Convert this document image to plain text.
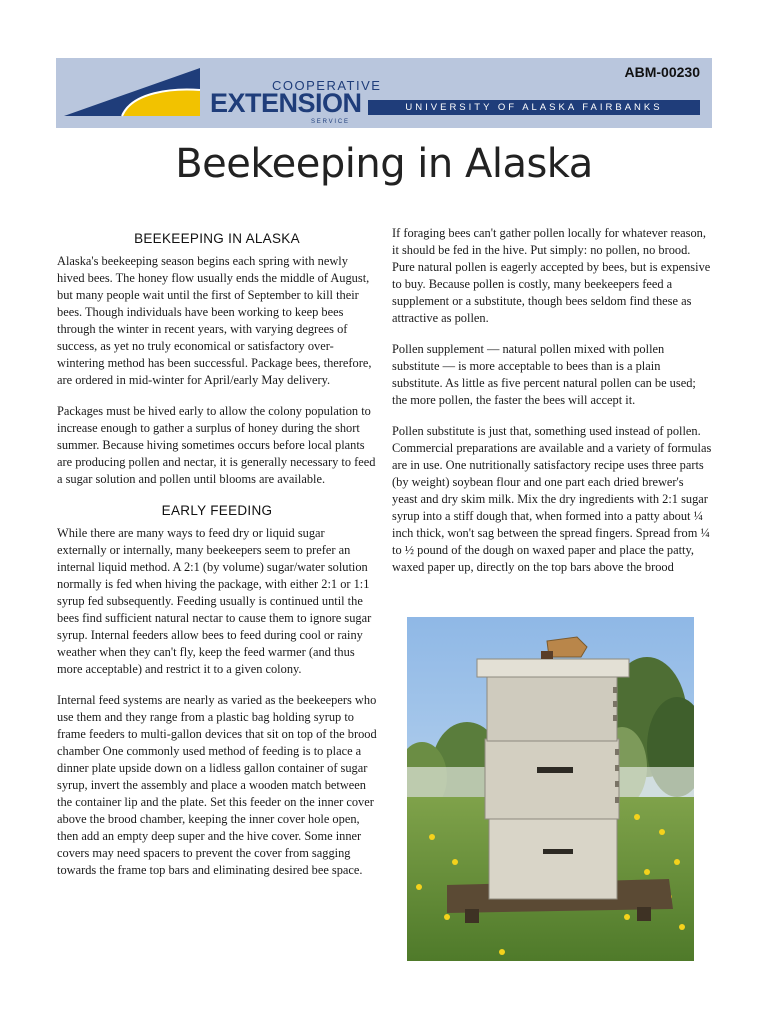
COOPERATIVE
EXTENSION
SERVICE
ABM-00230
UNIVERSITY OF ALASKA FAIRBANKS
Beekeeping in Alaska
BEEKEEPING IN ALASKA

Alaska's beekeeping season begins each spring with newly hived bees. The honey flow usually ends the middle of August, but many people wait until the first of September to kill their bees. Though individuals have been working to keep bees through the winter in recent years, with varying degrees of success, as yet no truly economical or satisfactory over-wintering method has been successful. Package bees, therefore, are ordered in mid-winter for April/early May delivery.

Packages must be hived early to allow the colony population to increase enough to gather a surplus of honey during the short summer. Because hiving sometimes occurs before local plants are producing pollen and nectar, it is generally necessary to feed a sugar solution and pollen until blooms are available.

EARLY FEEDING

While there are many ways to feed dry or liquid sugar externally or internally, many beekeepers seem to prefer an internal liquid method. A 2:1 (by volume) sugar/water solution normally is fed when hiving the package, with either 2:1 or 1:1 syrup fed subsequently. Feeding usually is continued until the bees find sufficient natural nectar to cause them to ignore sugar syrup. Internal feeders allow bees to feed during cool or rainy weather when they can't fly, keep the feed warmer (and thus more acceptable) and restrict it to a given colony.

Internal feed systems are nearly as varied as the beekeepers who use them and they range from a plastic bag holding syrup to frame feeders to multi-gallon devices that sit on top of the brood chamber One commonly used method of feeding is to place a dinner plate upside down on a lidless gallon container of sugar syrup, invert the assembly and place a wooden match between the container lip and the plate. Set this feeder on the inner cover above the brood chamber, keeping the inner cover hole open, then add an empty deep super and the hive cover. Some inner covers may need spacers to prevent the cover from sagging towards the frame top bars and eliminating desired bee space.

If foraging bees can't gather pollen locally for whatever reason, it should be fed in the hive. Put simply: no pollen, no brood. Pure natural pollen is eagerly accepted by bees, but is expensive to buy. Because pollen is costly, many beekeepers feed a supplement or a substitute, though bees seldom find these as attractive as pollen.

Pollen supplement — natural pollen mixed with pollen substitute — is more acceptable to bees than is a plain substitute. As little as five percent natural pollen can be used; the more pollen, the faster the bees will accept it.

Pollen substitute is just that, something used instead of pollen. Commercial preparations are available and a variety of formulas are in use. One nutritionally satisfactory recipe uses three parts (by weight) soybean flour and one part each dried brewer's yeast and dry skim milk. Mix the dry ingredients with 2:1 sugar syrup into a stiff dough that, when formed into a patty about ¼ inch thick, won't sag between the spread fingers. Spread from ¼ to ½ pound of the dough on waxed paper and place the patty, waxed paper up, directly on the top bars above the brood
